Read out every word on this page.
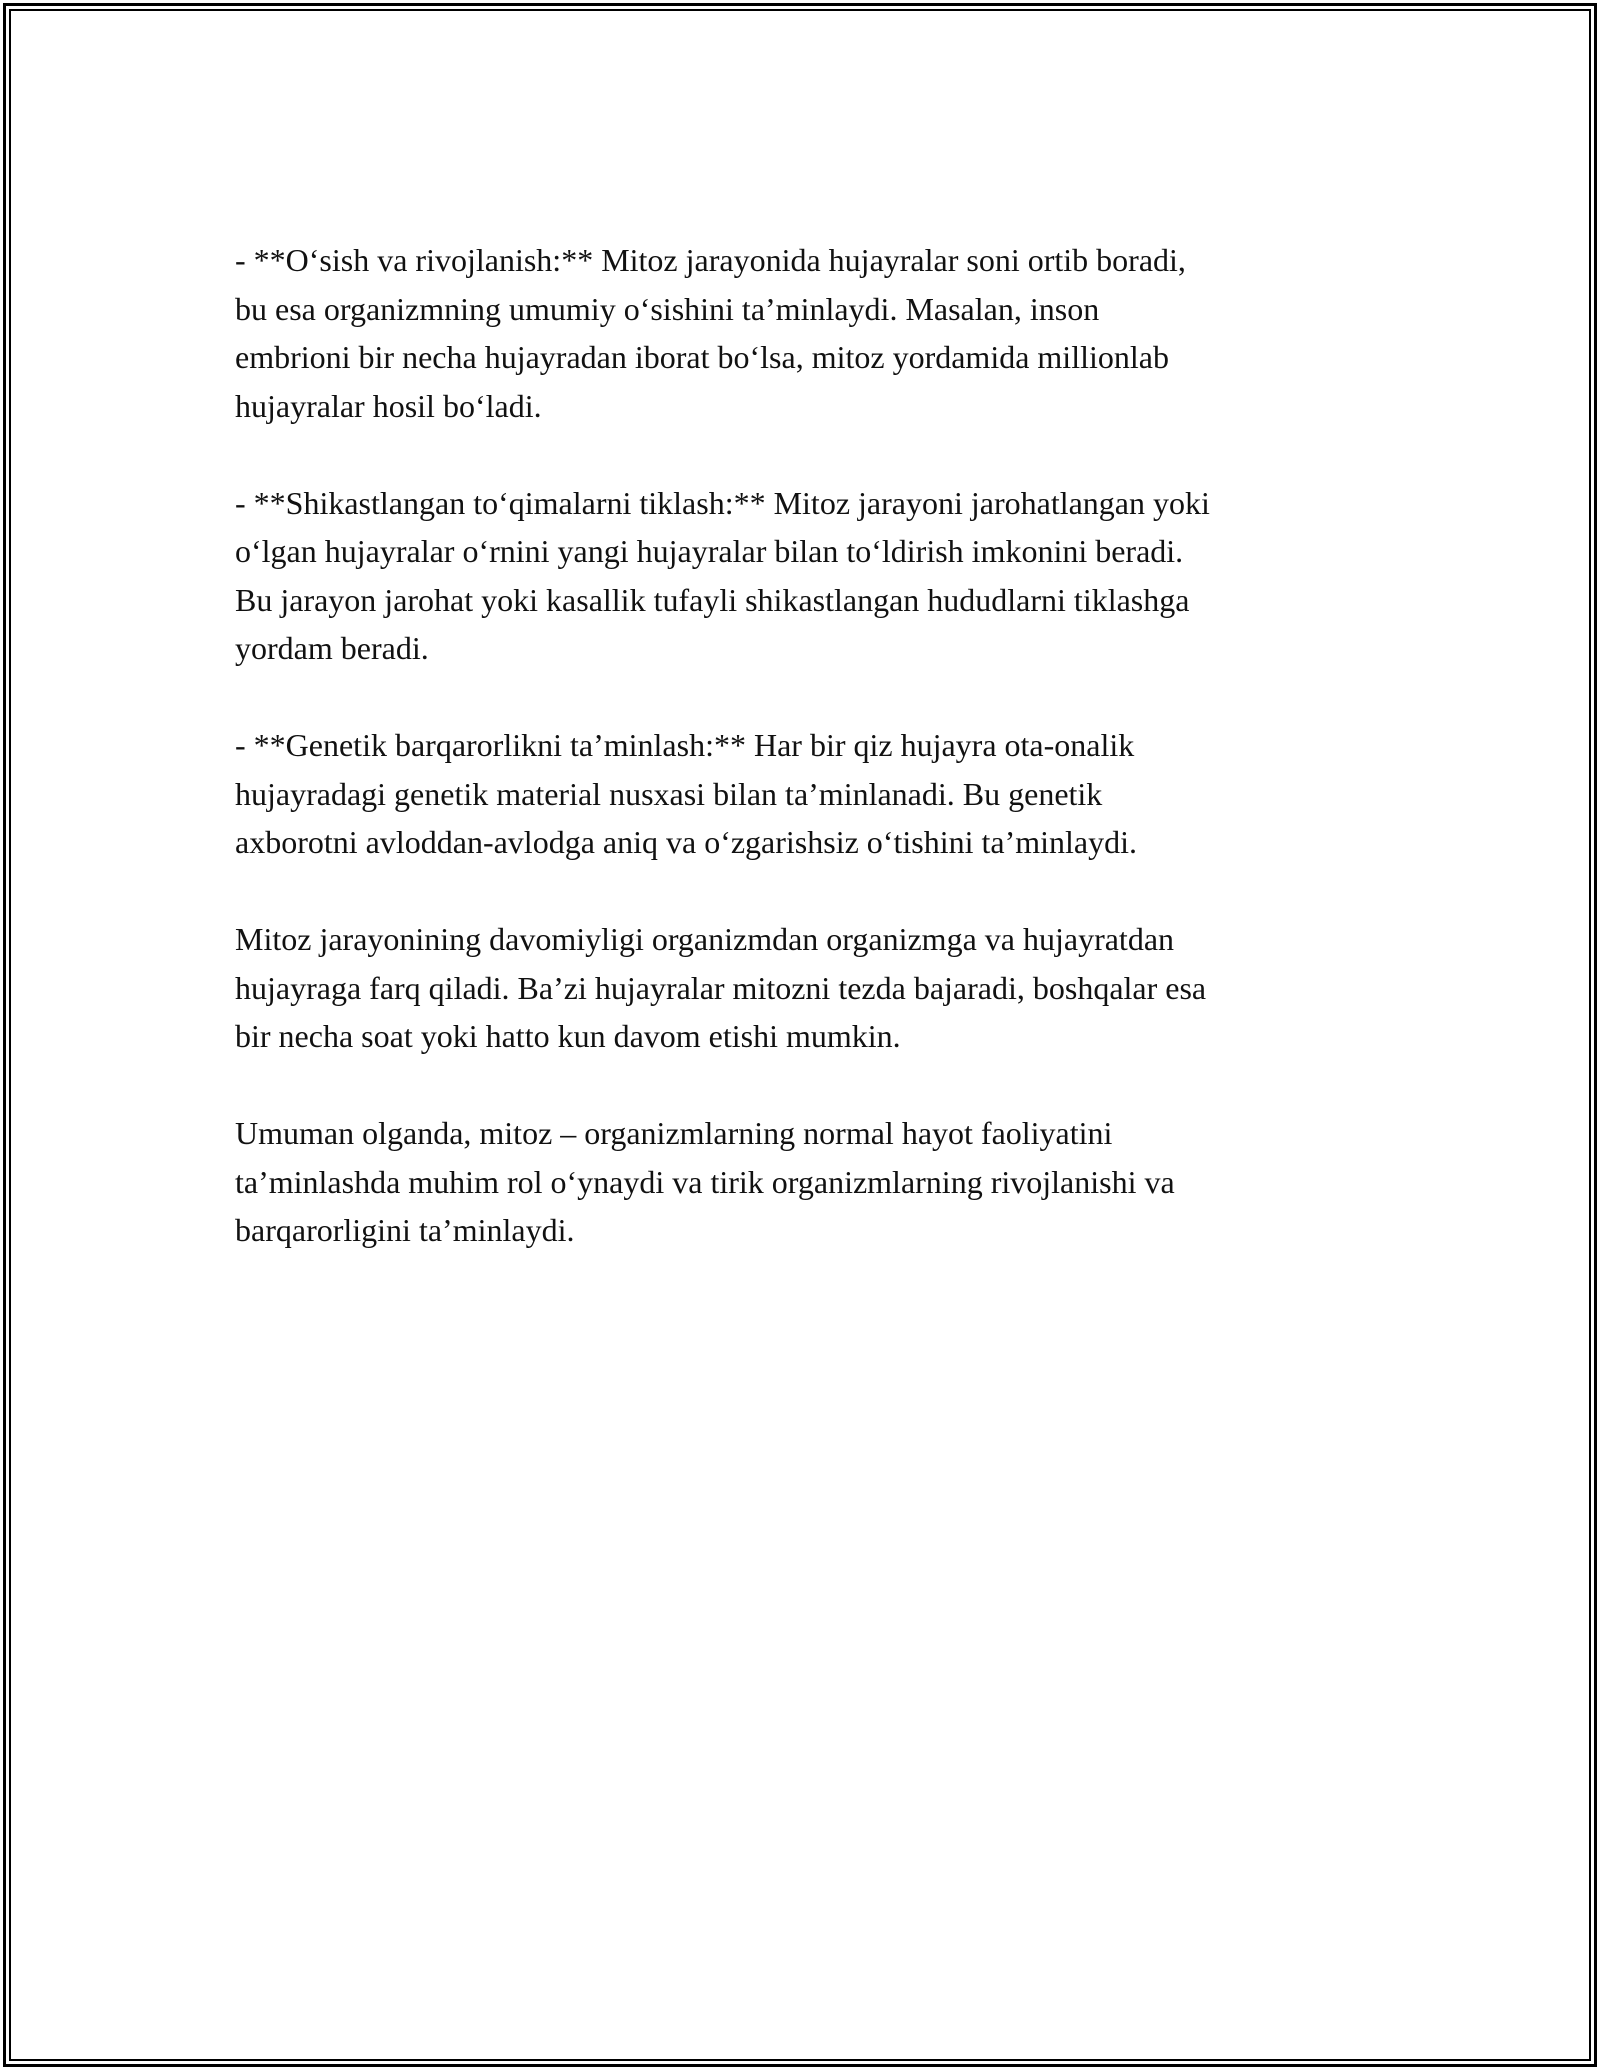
- **O‘sish va rivojlanish:** Mitoz jarayonida hujayralar soni ortib boradi,
bu esa organizmning umumiy o‘sishini ta’minlaydi. Masalan, inson
embrioni bir necha hujayradan iborat bo‘lsa, mitoz yordamida millionlab
hujayralar hosil bo‘ladi.

- **Shikastlangan to‘qimalarni tiklash:** Mitoz jarayoni jarohatlangan yoki
o‘lgan hujayralar o‘rnini yangi hujayralar bilan to‘ldirish imkonini beradi.
Bu jarayon jarohat yoki kasallik tufayli shikastlangan hududlarni tiklashga
yordam beradi.

- **Genetik barqarorlikni ta’minlash:** Har bir qiz hujayra ota-onalik
hujayradagi genetik material nusxasi bilan ta’minlanadi. Bu genetik
axborotni avloddan-avlodga aniq va o‘zgarishsiz o‘tishini ta’minlaydi.

Mitoz jarayonining davomiyligi organizmdan organizmga va hujayratdan
hujayraga farq qiladi. Ba’zi hujayralar mitozni tezda bajaradi, boshqalar esa
bir necha soat yoki hatto kun davom etishi mumkin.

Umuman olganda, mitoz – organizmlarning normal hayot faoliyatini
ta’minlashda muhim rol o‘ynaydi va tirik organizmlarning rivojlanishi va
barqarorligini ta’minlaydi.
